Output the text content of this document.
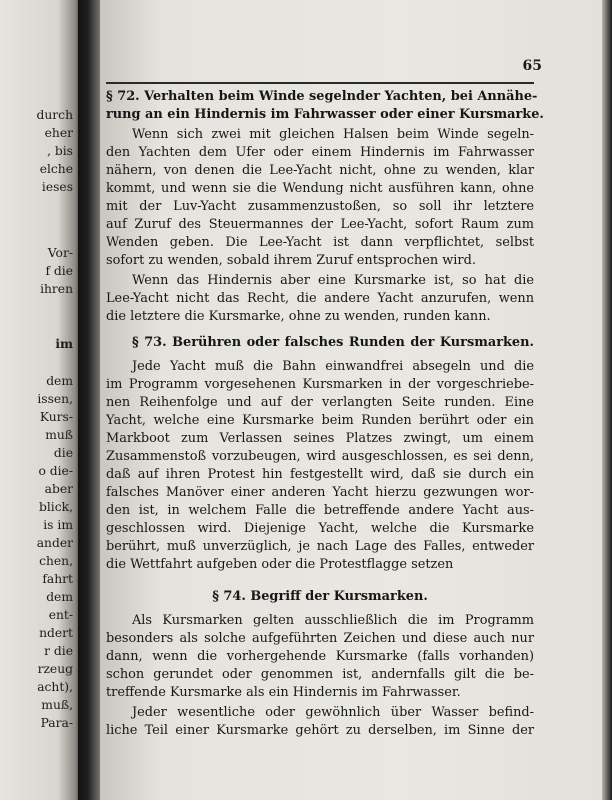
durch
eher
, bis
elche
ieses
Vor-
f die
ihren
im
dem
issen,
Kurs-
muß
die
o die-
aber
blick,
is im
ander
chen,
fahrt
dem
ent-
ndert
r die
rzeug
acht),
muß,
Para-
65
§ 72. Verhalten beim Winde segelnder Yachten, bei Annähe-
rung an ein Hindernis im Fahrwasser oder einer Kursmarke.
Wenn sich zwei mit gleichen Halsen beim Winde segeln-
den Yachten dem Ufer oder einem Hindernis im Fahrwasser
nähern, von denen die Lee-Yacht nicht, ohne zu wenden, klar
kommt, und wenn sie die Wendung nicht ausführen kann, ohne
mit der Luv-Yacht zusammenzustoßen, so soll ihr letztere
auf Zuruf des Steuermannes der Lee-Yacht, sofort Raum zum
Wenden geben. Die Lee-Yacht ist dann verpflichtet, selbst
sofort zu wenden, sobald ihrem Zuruf entsprochen wird.
Wenn das Hindernis aber eine Kursmarke ist, so hat die
Lee-Yacht nicht das Recht, die andere Yacht anzurufen, wenn
die letztere die Kursmarke, ohne zu wenden, runden kann.
§ 73. Berühren oder falsches Runden der Kursmarken.
Jede Yacht muß die Bahn einwandfrei absegeln und die
im Programm vorgesehenen Kursmarken in der vorgeschriebe-
nen Reihenfolge und auf der verlangten Seite runden. Eine
Yacht, welche eine Kursmarke beim Runden berührt oder ein
Markboot zum Verlassen seines Platzes zwingt, um einem
Zusammenstoß vorzubeugen, wird ausgeschlossen, es sei denn,
daß auf ihren Protest hin festgestellt wird, daß sie durch ein
falsches Manöver einer anderen Yacht hierzu gezwungen wor-
den ist, in welchem Falle die betreffende andere Yacht aus-
geschlossen wird. Diejenige Yacht, welche die Kursmarke
berührt, muß unverzüglich, je nach Lage des Falles, entweder
die Wettfahrt aufgeben oder die Protestflagge setzen
§ 74. Begriff der Kursmarken.
Als Kursmarken gelten ausschließlich die im Programm
besonders als solche aufgeführten Zeichen und diese auch nur
dann, wenn die vorhergehende Kursmarke (falls vorhanden)
schon gerundet oder genommen ist, andernfalls gilt die be-
treffende Kursmarke als ein Hindernis im Fahrwasser.
Jeder wesentliche oder gewöhnlich über Wasser befind-
liche Teil einer Kursmarke gehört zu derselben, im Sinne der
